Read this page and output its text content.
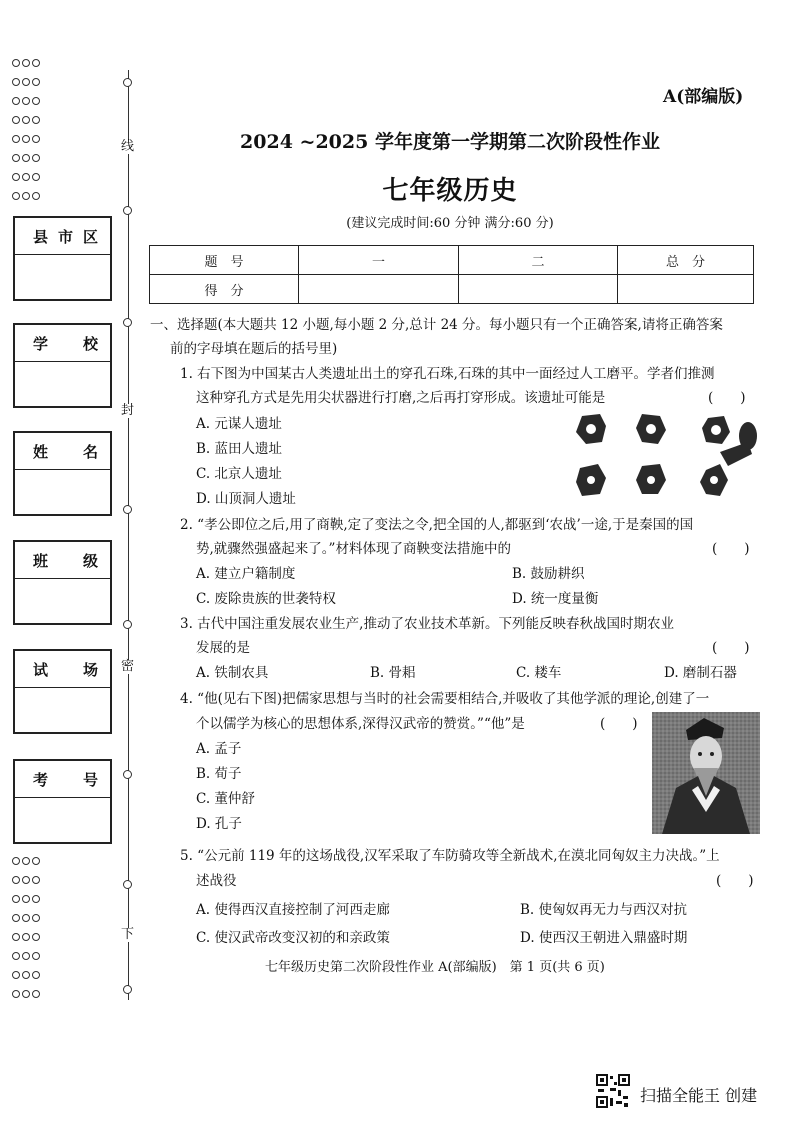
县 市 区
学 校
姓 名
班 级
试 场
考 号
线
封
密
下
A(部编版)
2024 ~2025 学年度第一学期第二次阶段性作业
七年级历史
(建议完成时间:60 分钟 满分:60 分)
题　号	一	二	总　分
得　分			
一、选择题(本大题共 12 小题,每小题 2 分,总计 24 分。每小题只有一个正确答案,请将正确答案
前的字母填在题后的括号里)
1. 右下图为中国某古人类遗址出土的穿孔石珠,石珠的其中一面经过人工磨平。学者们推测
这种穿孔方式是先用尖状器进行打磨,之后再打穿形成。该遗址可能是	(　　)
A. 元谋人遗址
B. 蓝田人遗址
C. 北京人遗址
D. 山顶洞人遗址
2. “孝公即位之后,用了商鞅,定了变法之令,把全国的人,都驱到‘农战’一途,于是秦国的国
势,就骤然强盛起来了。”材料体现了商鞅变法措施中的	(　　)
A. 建立户籍制度	B. 鼓励耕织
C. 废除贵族的世袭特权	D. 统一度量衡
3. 古代中国注重发展农业生产,推动了农业技术革新。下列能反映春秋战国时期农业
发展的是	(　　)
A. 铁制农具	B. 骨耜	C. 耧车	D. 磨制石器
4. “他(见右下图)把儒家思想与当时的社会需要相结合,并吸收了其他学派的理论,创建了一
个以儒学为核心的思想体系,深得汉武帝的赞赏。”“他”是	(　　)
A. 孟子
B. 荀子
C. 董仲舒
D. 孔子
5. “公元前 119 年的这场战役,汉军采取了车防骑攻等全新战术,在漠北同匈奴主力决战。”上
述战役	(　　)
A. 使得西汉直接控制了河西走廊	B. 使匈奴再无力与西汉对抗
C. 使汉武帝改变汉初的和亲政策	D. 使西汉王朝进入鼎盛时期
七年级历史第二次阶段性作业 A(部编版)　第 1 页(共 6 页)
扫描全能王 创建
